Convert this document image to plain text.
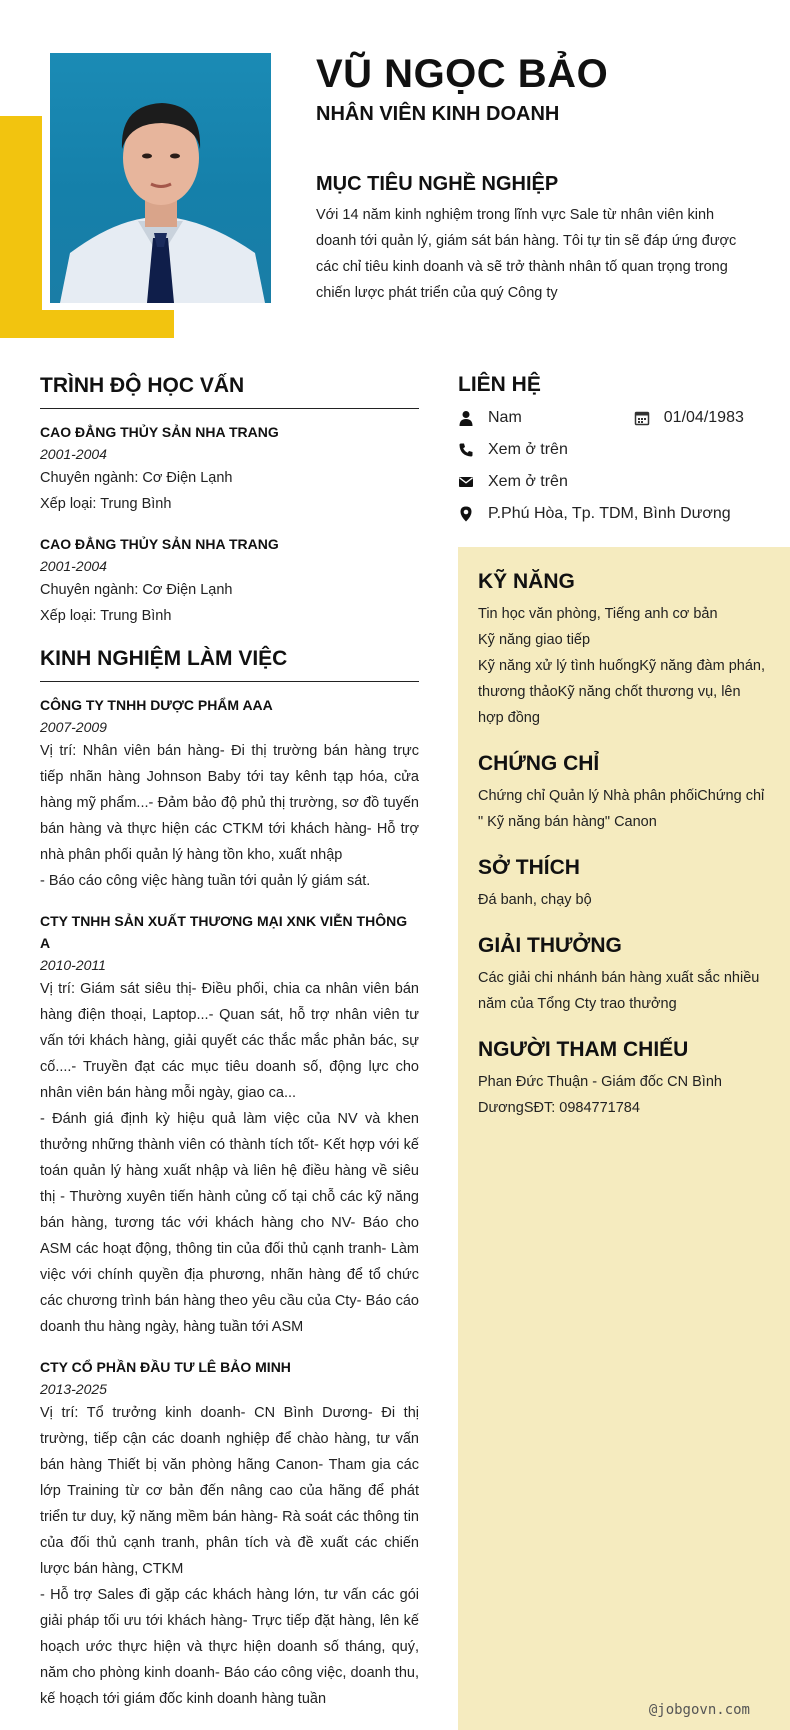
VŨ NGỌC BẢO
NHÂN VIÊN KINH DOANH
MỤC TIÊU NGHỀ NGHIỆP
Với 14 năm kinh nghiệm trong lĩnh vực Sale từ nhân viên kinh doanh tới quản lý, giám sát bán hàng. Tôi tự tin sẽ đáp ứng được các chỉ tiêu kinh doanh và sẽ trở thành nhân tố quan trọng trong chiến lược phát triển của quý Công ty
TRÌNH ĐỘ HỌC VẤN
CAO ĐẲNG THỦY SẢN NHA TRANG
2001-2004
Chuyên ngành: Cơ Điện Lạnh
Xếp loại: Trung Bình
CAO ĐẲNG THỦY SẢN NHA TRANG
2001-2004
Chuyên ngành: Cơ Điện Lạnh
Xếp loại: Trung Bình
KINH NGHIỆM LÀM VIỆC
CÔNG TY TNHH DƯỢC PHẨM AAA
2007-2009
Vị trí: Nhân viên bán hàng- Đi thị trường bán hàng trực tiếp nhãn hàng Johnson Baby tới tay kênh tạp hóa, cửa hàng mỹ phẩm...- Đảm bảo độ phủ thị trường, sơ đồ tuyến bán hàng và thực hiện các CTKM tới khách hàng- Hỗ trợ nhà phân phối quản lý hàng tồn kho, xuất nhập
- Báo cáo công việc hàng tuần tới quản lý giám sát.
CTY TNHH SẢN XUẤT THƯƠNG MẠI XNK VIỄN THÔNG A
2010-2011
Vị trí: Giám sát siêu thị- Điều phối, chia ca nhân viên bán hàng điện thoại, Laptop...- Quan sát, hỗ trợ nhân viên tư vấn tới khách hàng, giải quyết các thắc mắc phản bác, sự cố....- Truyền đạt các mục tiêu doanh số, động lực cho nhân viên bán hàng mỗi ngày, giao ca...
- Đánh giá định kỳ hiệu quả làm việc của NV và khen thưởng những thành viên có thành tích tốt- Kết hợp với kế toán quản lý hàng xuất nhập và liên hệ điều hàng về siêu thị - Thường xuyên tiến hành củng cố tại chỗ các kỹ năng bán hàng, tương tác với khách hàng cho NV- Báo cho ASM các hoạt động, thông tin của đối thủ cạnh tranh- Làm việc với chính quyền địa phương, nhãn hàng để tổ chức các chương trình bán hàng theo yêu cầu của Cty- Báo cáo doanh thu hàng ngày, hàng tuần tới ASM
CTY CỔ PHẦN ĐẦU TƯ LÊ BẢO MINH
2013-2025
Vị trí: Tổ trưởng kinh doanh- CN Bình Dương- Đi thị trường, tiếp cận các doanh nghiệp để chào hàng, tư vấn bán hàng Thiết bị văn phòng hãng Canon- Tham gia các lớp Training từ cơ bản đến nâng cao của hãng để phát triển tư duy, kỹ năng mềm bán hàng- Rà soát các thông tin của đối thủ cạnh tranh, phân tích và đề xuất các chiến lược bán hàng, CTKM
- Hỗ trợ Sales đi gặp các khách hàng lớn, tư vấn các gói giải pháp tối ưu tới khách hàng- Trực tiếp đặt hàng, lên kế hoạch ước thực hiện và thực hiện doanh số tháng, quý, năm cho phòng kinh doanh- Báo cáo công việc, doanh thu, kế hoạch tới giám đốc kinh doanh hàng tuần
LIÊN HỆ
Nam	01/04/1983
Xem ở trên
Xem ở trên
P.Phú Hòa, Tp. TDM, Bình Dương
KỸ NĂNG
Tin học văn phòng, Tiếng anh cơ bản
Kỹ năng giao tiếp
Kỹ năng xử lý tình huốngKỹ năng đàm phán, thương thảoKỹ năng chốt thương vụ, lên hợp đồng
CHỨNG CHỈ
Chứng chỉ Quản lý Nhà phân phốiChứng chỉ " Kỹ năng bán hàng" Canon
SỞ THÍCH
Đá banh, chạy bộ
GIẢI THƯỞNG
Các giải chi nhánh bán hàng xuất sắc nhiều năm của Tổng Cty trao thưởng
NGƯỜI THAM CHIẾU
Phan Đức Thuận - Giám đốc CN Bình DươngSĐT: 0984771784
@jobgovn.com
